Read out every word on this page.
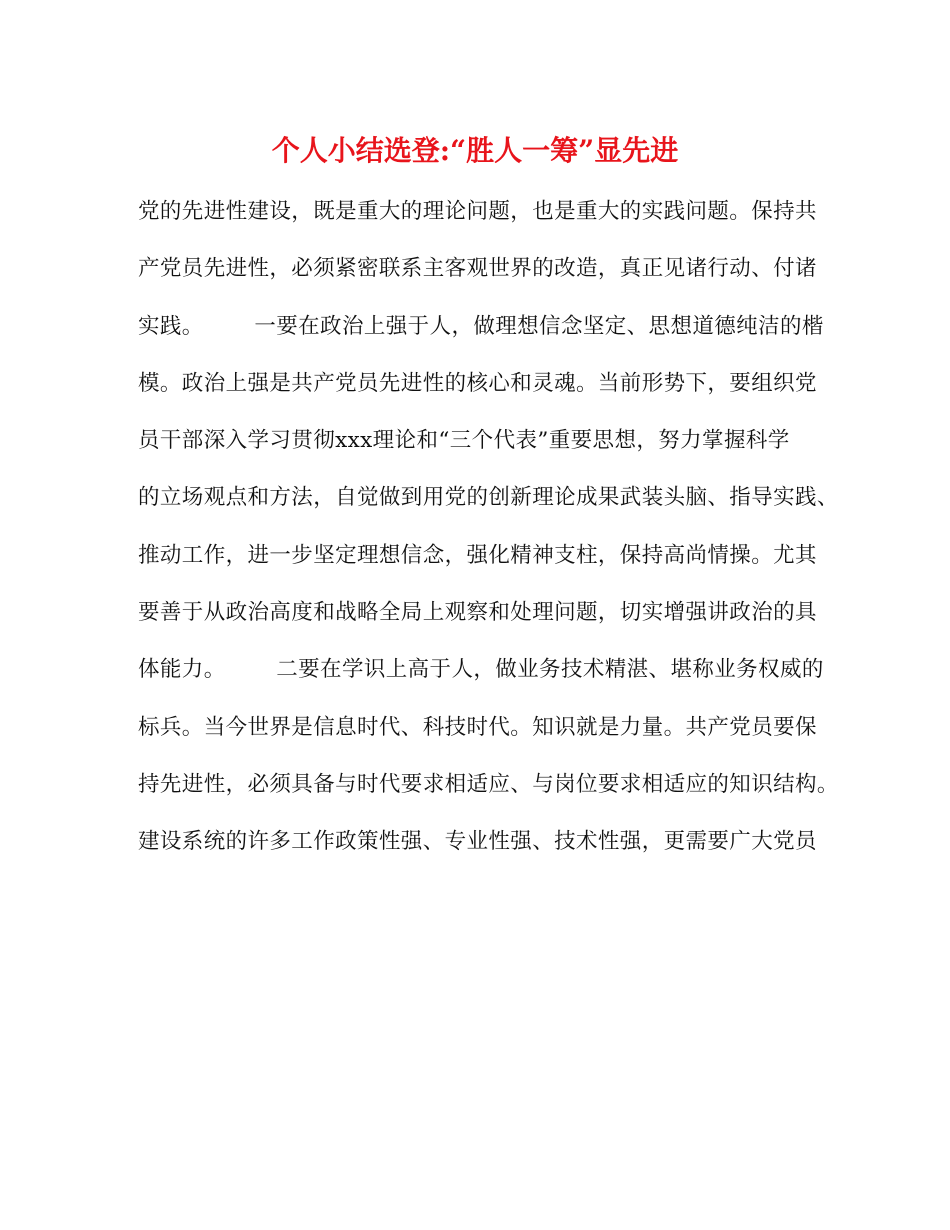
个人小结选登:“胜人一筹”显先进
党的先进性建设，既是重大的理论问题，也是重大的实践问题。保持共
产党员先进性，必须紧密联系主客观世界的改造，真正见诸行动、付诸
实践。       一要在政治上强于人，做理想信念坚定、思想道德纯洁的楷
模。政治上强是共产党员先进性的核心和灵魂。当前形势下，要组织党
员干部深入学习贯彻xxx理论和“三个代表”重要思想，努力掌握科学
的立场观点和方法，自觉做到用党的创新理论成果武装头脑、指导实践、
推动工作，进一步坚定理想信念，强化精神支柱，保持高尚情操。尤其
要善于从政治高度和战略全局上观察和处理问题，切实增强讲政治的具
体能力。       二要在学识上高于人，做业务技术精湛、堪称业务权威的
标兵。当今世界是信息时代、科技时代。知识就是力量。共产党员要保
持先进性，必须具备与时代要求相适应、与岗位要求相适应的知识结构。
建设系统的许多工作政策性强、专业性强、技术性强，更需要广大党员
